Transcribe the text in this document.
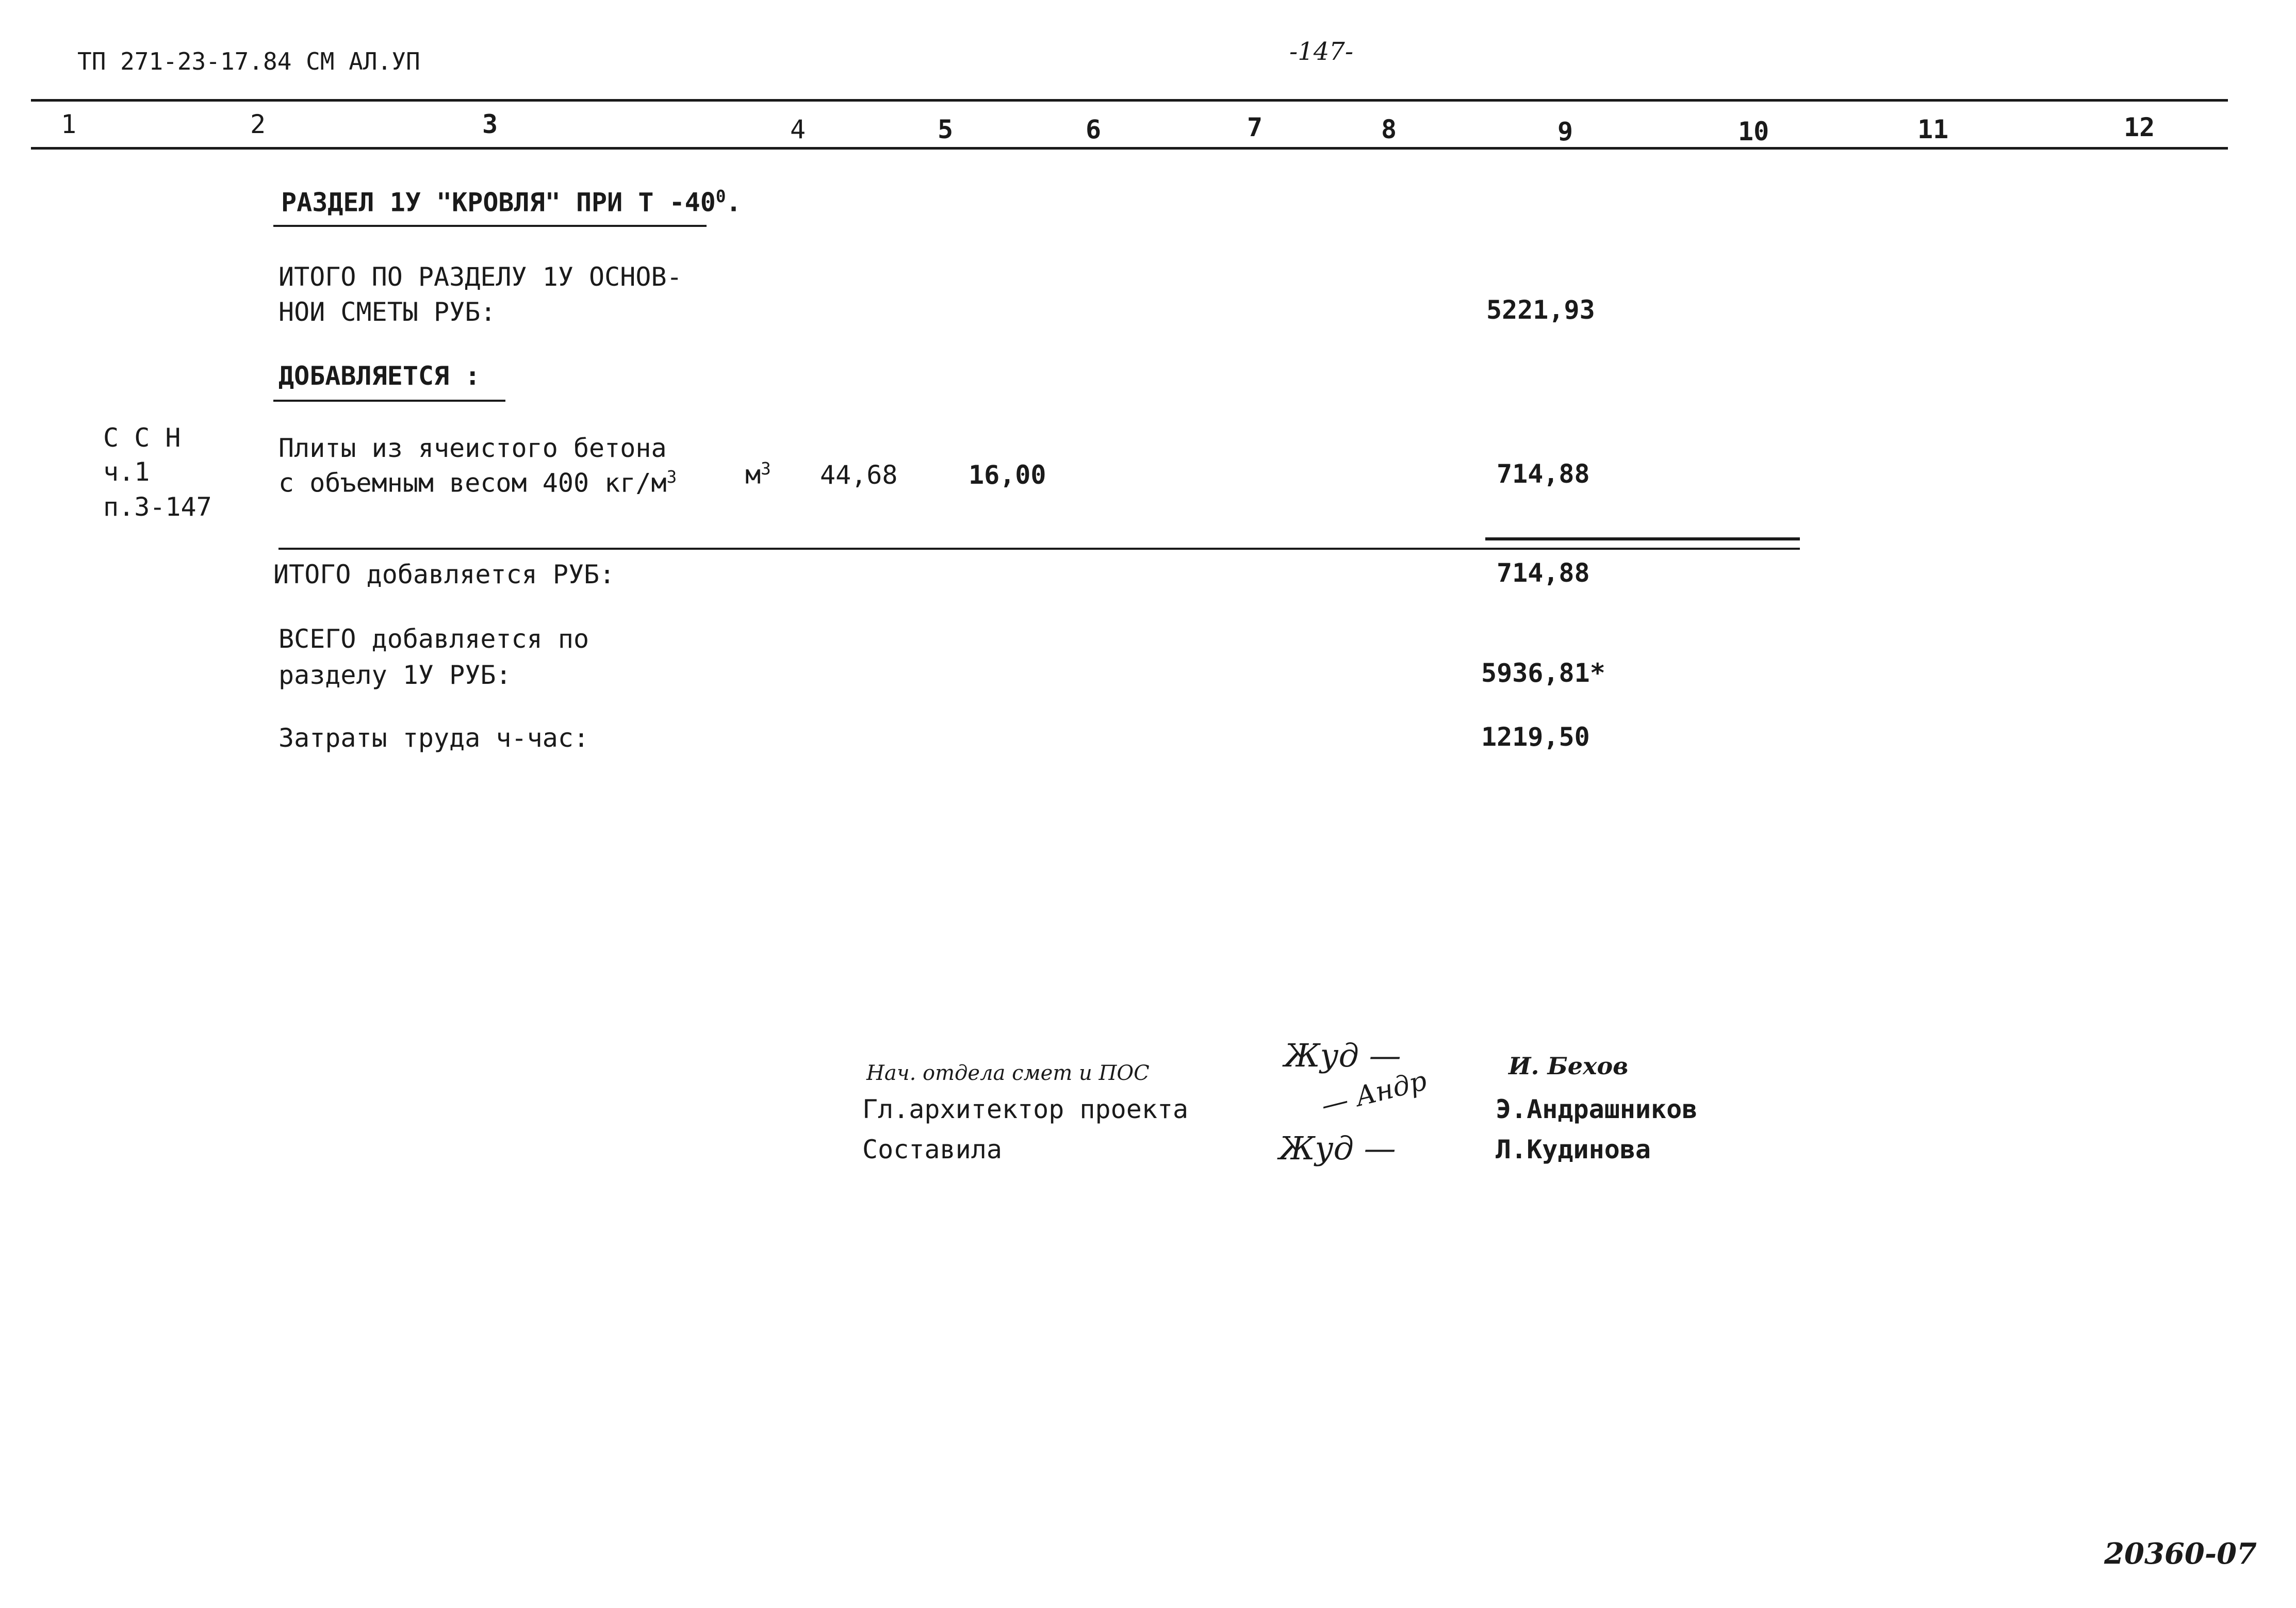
ТП 271-23-17.84 СМ АЛ.УП	-147-
1	2	3	4	5	6	7	8	9	10	11	12
РАЗДЕЛ 1У "КРОВЛЯ" ПРИ Т $-40^0$.
ИТОГО ПО РАЗДЕЛУ 1У ОСНОВ-
НОИ СМЕТЫ РУБ:	5221,93
ДОБАВЛЯЕТСЯ :
С С Н
ч.1
п.3-147
Плиты из ячеистого бетона
с объемным весом 400 $кг/м^3$	$м^3$ 44,68	16,00	714,88
ИТОГО добавляется РУБ:	714,88
ВСЕГО добавляется по
разделу 1У РУБ:	5936,81*
Затраты труда ч-час:	1219,50
Нач. отдела смет и ПОС
Гл.архитектор проекта
Составила
Жуд —
— Андр
Жуд —
И. Бехов
Э.Андрашников
Л.Кудинова
20360-07
